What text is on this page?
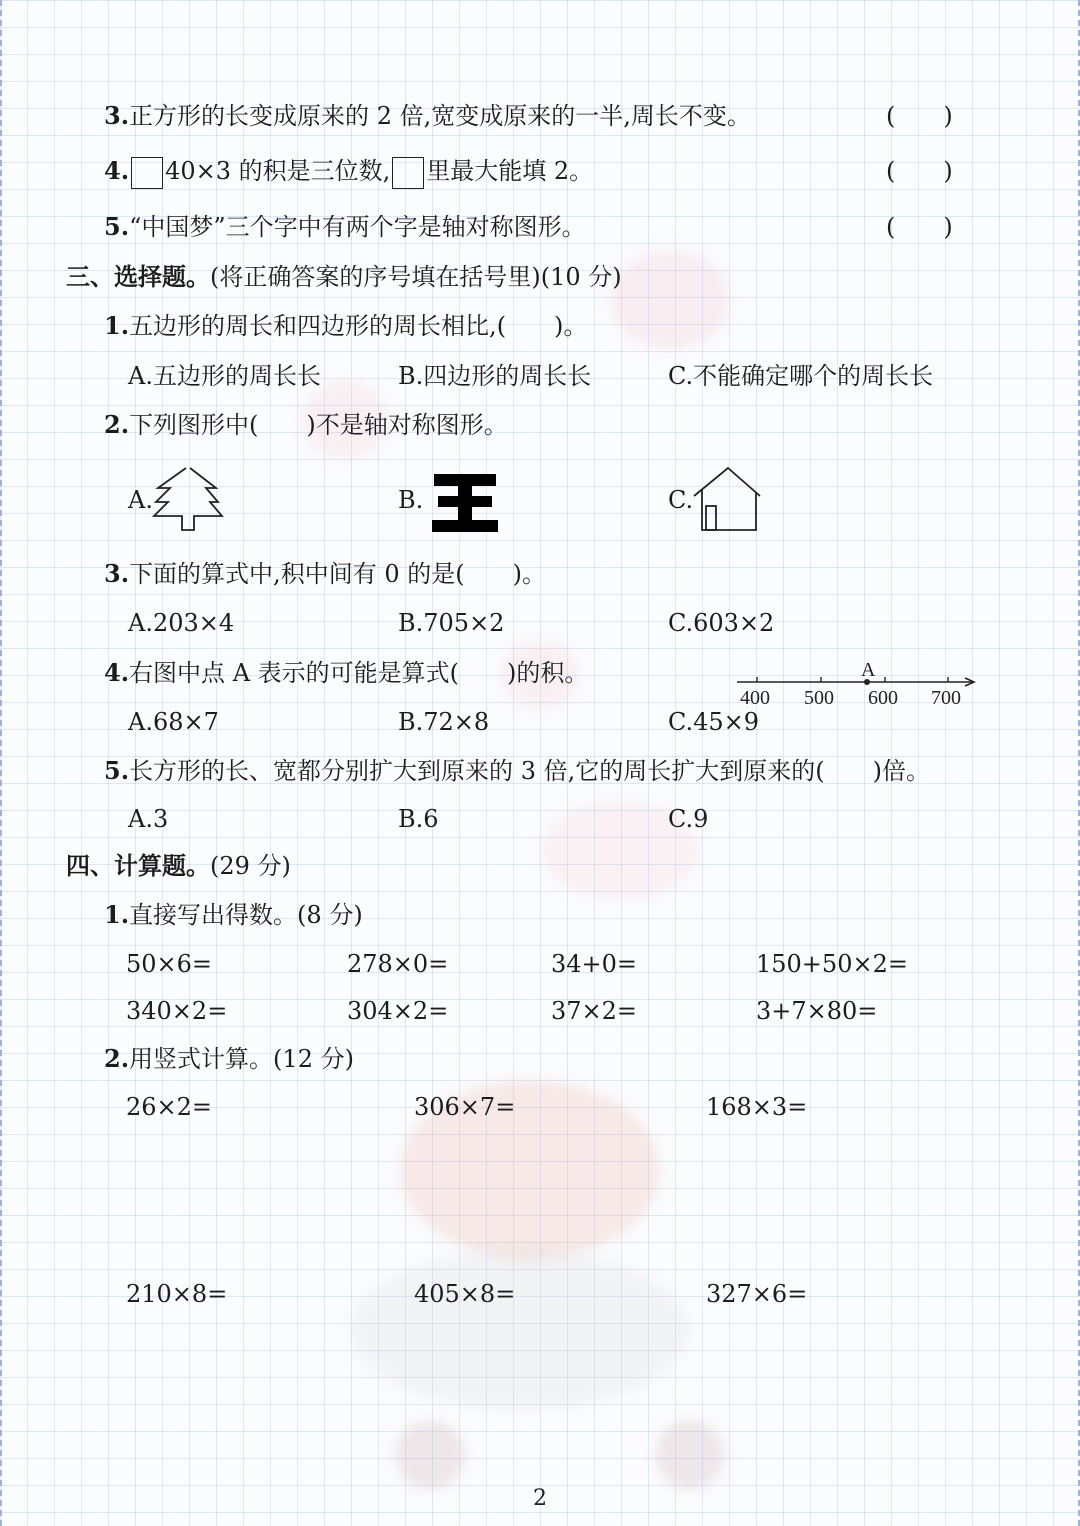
3.正方形的长变成原来的 2 倍,宽变成原来的一半,周长不变。	(　　)
4. 40×3 的积是三位数, 里最大能填 2。	(　　)
5.“中国梦”三个字中有两个字是轴对称图形。	(　　)
三、选择题。(将正确答案的序号填在括号里)(10 分)
1.五边形的周长和四边形的周长相比,(　　)。
A.五边形的周长长	B.四边形的周长长	C.不能确定哪个的周长长
2.下列图形中(　　)不是轴对称图形。
A.	B.	C.
3.下面的算式中,积中间有 0 的是(　　)。
A.203×4	B.705×2	C.603×2
4.右图中点 A 表示的可能是算式(　　)的积。	A
400 500 600 700
A.68×7	B.72×8	C.45×9
5.长方形的长、宽都分别扩大到原来的 3 倍,它的周长扩大到原来的(　　)倍。
A.3	B.6	C.9
四、计算题。(29 分)
1.直接写出得数。(8 分)
50×6=	278×0=	34+0=	150+50×2=
340×2=	304×2=	37×2=	3+7×80=
2.用竖式计算。(12 分)
26×2=	306×7=	168×3=
210×8=	405×8=	327×6=
2
